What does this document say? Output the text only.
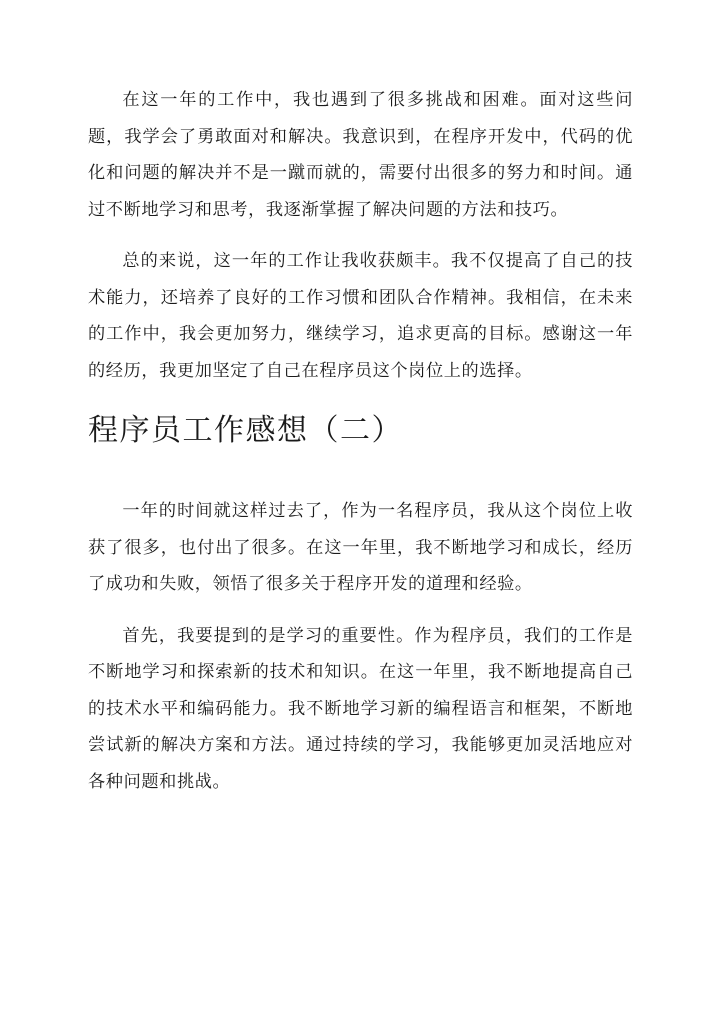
在这一年的工作中，我也遇到了很多挑战和困难。面对这些问题，我学会了勇敢面对和解决。我意识到，在程序开发中，代码的优化和问题的解决并不是一蹴而就的，需要付出很多的努力和时间。通过不断地学习和思考，我逐渐掌握了解决问题的方法和技巧。

总的来说，这一年的工作让我收获颇丰。我不仅提高了自己的技术能力，还培养了良好的工作习惯和团队合作精神。我相信，在未来的工作中，我会更加努力，继续学习，追求更高的目标。感谢这一年的经历，我更加坚定了自己在程序员这个岗位上的选择。

程序员工作感想（二）

一年的时间就这样过去了，作为一名程序员，我从这个岗位上收获了很多，也付出了很多。在这一年里，我不断地学习和成长，经历了成功和失败，领悟了很多关于程序开发的道理和经验。

首先，我要提到的是学习的重要性。作为程序员，我们的工作是不断地学习和探索新的技术和知识。在这一年里，我不断地提高自己的技术水平和编码能力。我不断地学习新的编程语言和框架，不断地尝试新的解决方案和方法。通过持续的学习，我能够更加灵活地应对各种问题和挑战。
